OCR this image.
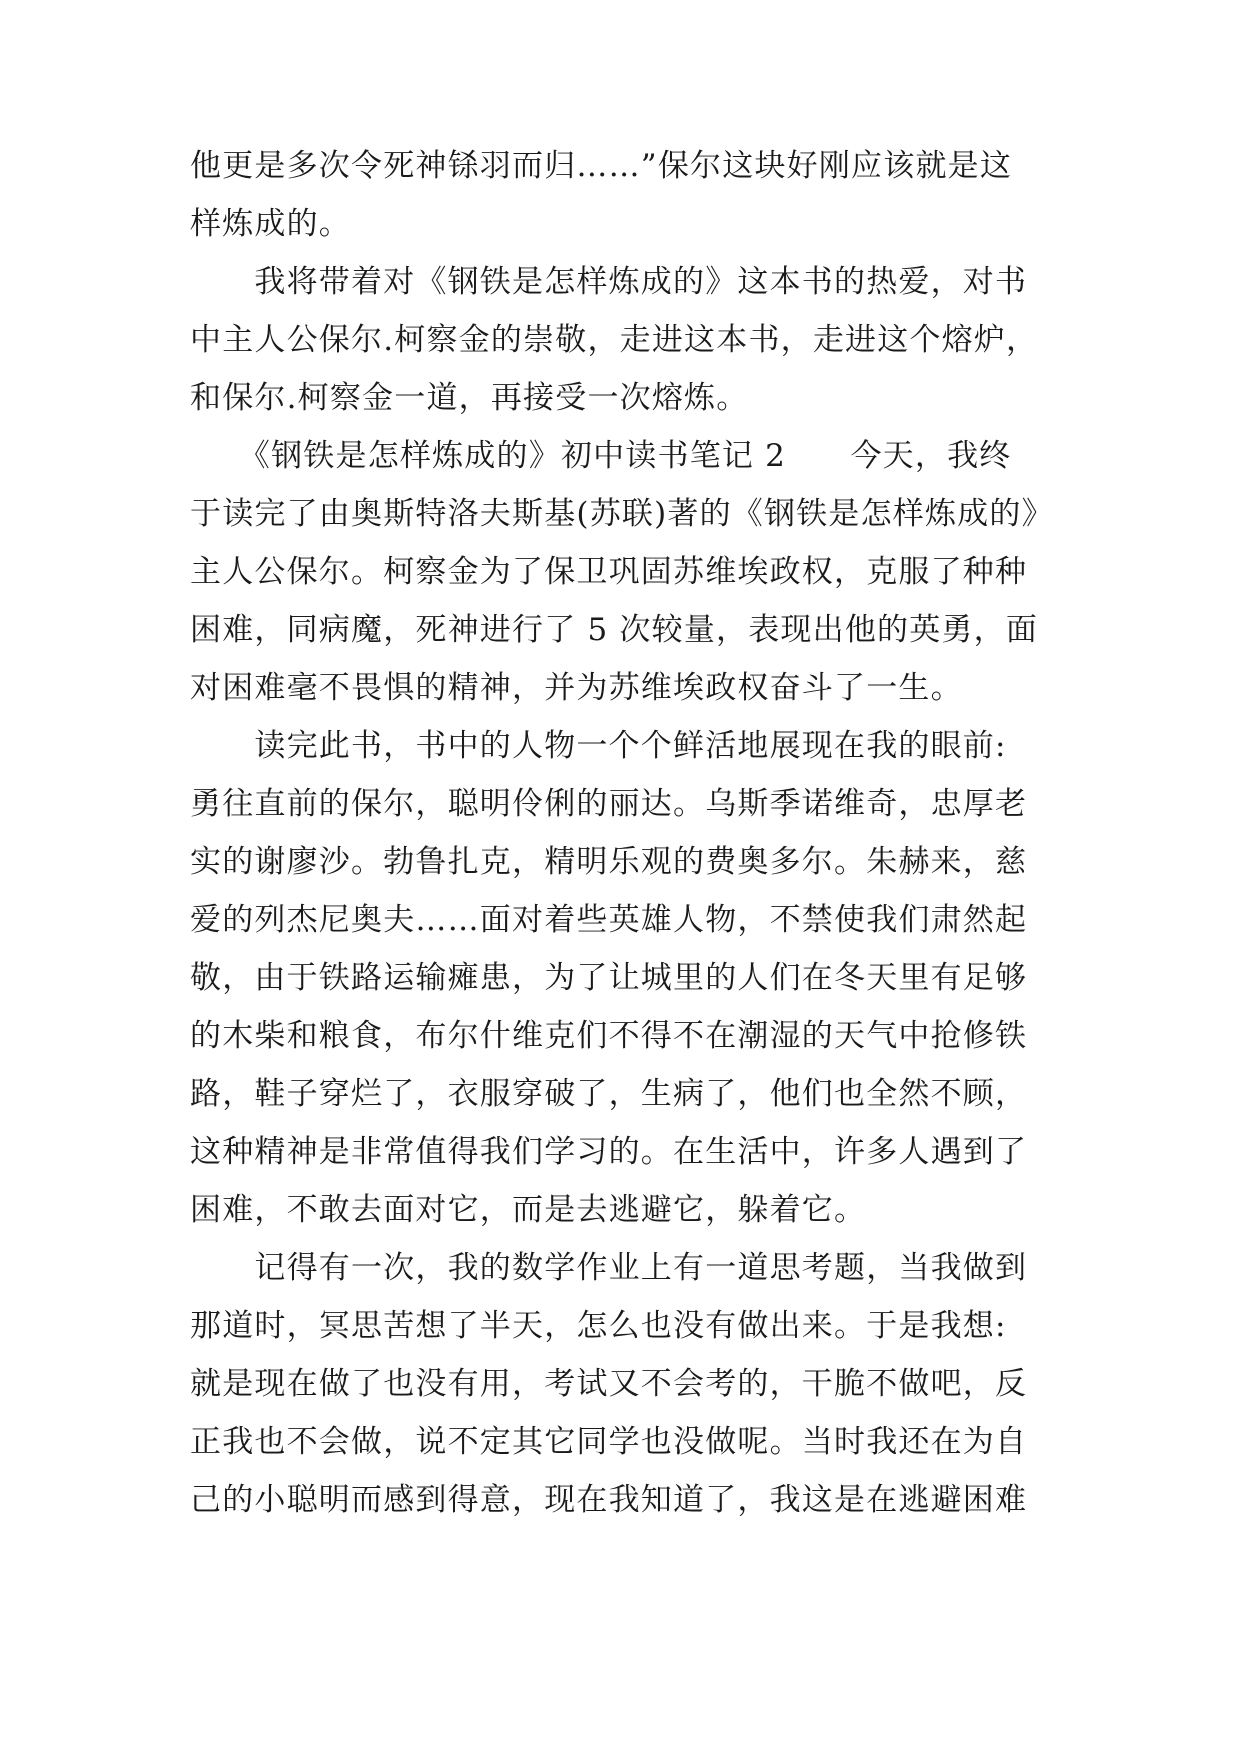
他更是多次令死神铩羽而归……”保尔这块好刚应该就是这
样炼成的。
　　我将带着对《钢铁是怎样炼成的》这本书的热爱，对书
中主人公保尔.柯察金的崇敬，走进这本书，走进这个熔炉，
和保尔.柯察金一道，再接受一次熔炼。
　　《钢铁是怎样炼成的》初中读书笔记 2　　今天，我终
于读完了由奥斯特洛夫斯基(苏联)著的《钢铁是怎样炼成的》
主人公保尔。柯察金为了保卫巩固苏维埃政权，克服了种种
困难，同病魔，死神进行了 5 次较量，表现出他的英勇，面
对困难毫不畏惧的精神，并为苏维埃政权奋斗了一生。
　　读完此书，书中的人物一个个鲜活地展现在我的眼前:
勇往直前的保尔，聪明伶俐的丽达。乌斯季诺维奇，忠厚老
实的谢廖沙。勃鲁扎克，精明乐观的费奥多尔。朱赫来，慈
爱的列杰尼奥夫……面对着些英雄人物，不禁使我们肃然起
敬，由于铁路运输瘫患，为了让城里的人们在冬天里有足够
的木柴和粮食，布尔什维克们不得不在潮湿的天气中抢修铁
路，鞋子穿烂了，衣服穿破了，生病了，他们也全然不顾，
这种精神是非常值得我们学习的。在生活中，许多人遇到了
困难，不敢去面对它，而是去逃避它，躲着它。
　　记得有一次，我的数学作业上有一道思考题，当我做到
那道时，冥思苦想了半天，怎么也没有做出来。于是我想:
就是现在做了也没有用，考试又不会考的，干脆不做吧，反
正我也不会做，说不定其它同学也没做呢。当时我还在为自
己的小聪明而感到得意，现在我知道了，我这是在逃避困难
